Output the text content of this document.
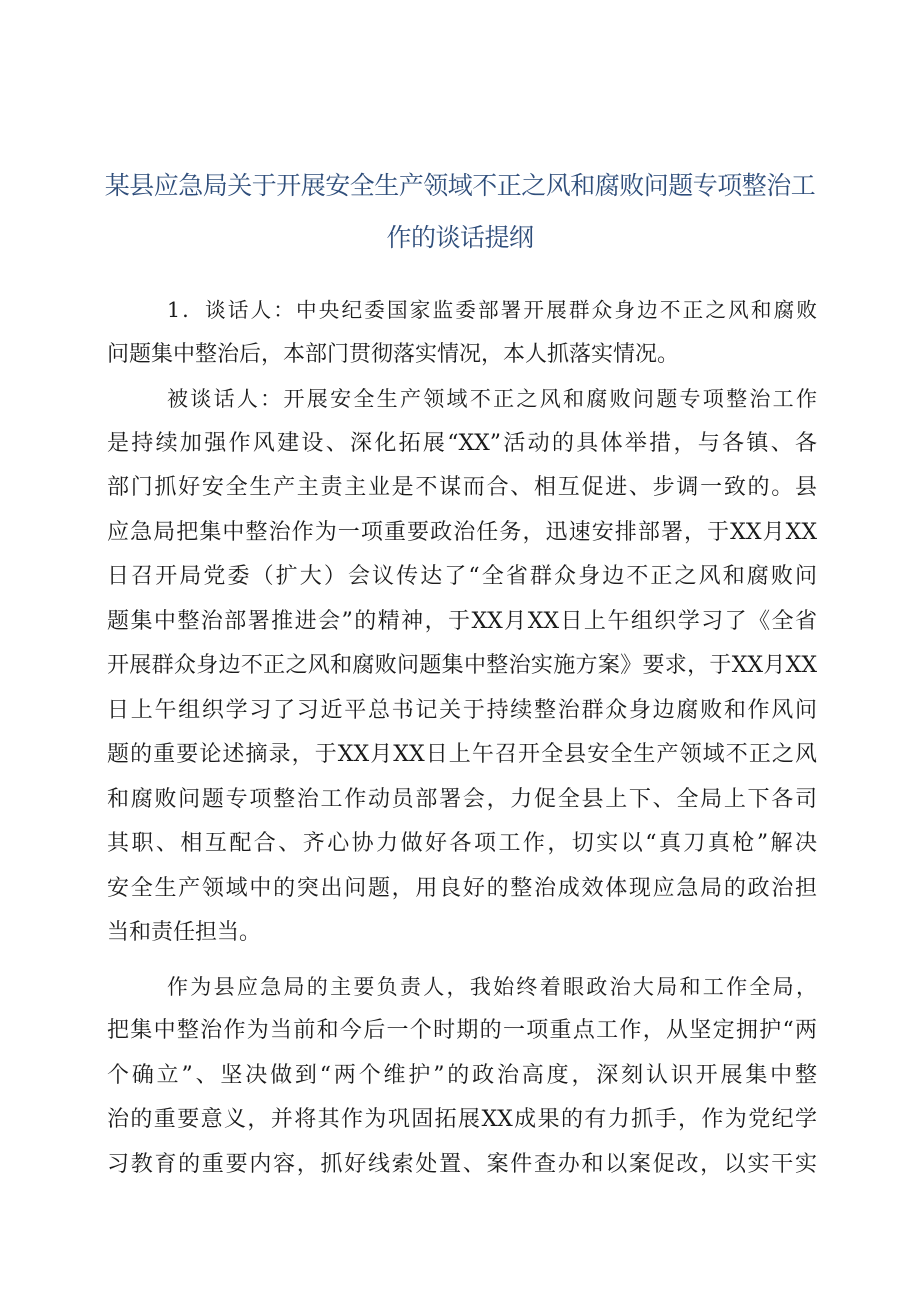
某县应急局关于开展安全生产领域不正之风和腐败问题专项整治工
作的谈话提纲
1．谈话人：中央纪委国家监委部署开展群众身边不正之风和腐败
问题集中整治后，本部门贯彻落实情况，本人抓落实情况。
被谈话人：开展安全生产领域不正之风和腐败问题专项整治工作
是持续加强作风建设、深化拓展“XX”活动的具体举措，与各镇、各
部门抓好安全生产主责主业是不谋而合、相互促进、步调一致的。县
应急局把集中整治作为一项重要政治任务，迅速安排部署，于XX月XX
日召开局党委（扩大）会议传达了“全省群众身边不正之风和腐败问
题集中整治部署推进会”的精神，于XX月XX日上午组织学习了《全省
开展群众身边不正之风和腐败问题集中整治实施方案》要求，于XX月XX
日上午组织学习了习近平总书记关于持续整治群众身边腐败和作风问
题的重要论述摘录，于XX月XX日上午召开全县安全生产领域不正之风
和腐败问题专项整治工作动员部署会，力促全县上下、全局上下各司
其职、相互配合、齐心协力做好各项工作，切实以“真刀真枪”解决
安全生产领域中的突出问题，用良好的整治成效体现应急局的政治担
当和责任担当。
作为县应急局的主要负责人，我始终着眼政治大局和工作全局，
把集中整治作为当前和今后一个时期的一项重点工作，从坚定拥护“两
个确立”、坚决做到“两个维护”的政治高度，深刻认识开展集中整
治的重要意义，并将其作为巩固拓展XX成果的有力抓手，作为党纪学
习教育的重要内容，抓好线索处置、案件查办和以案促改，以实干实
